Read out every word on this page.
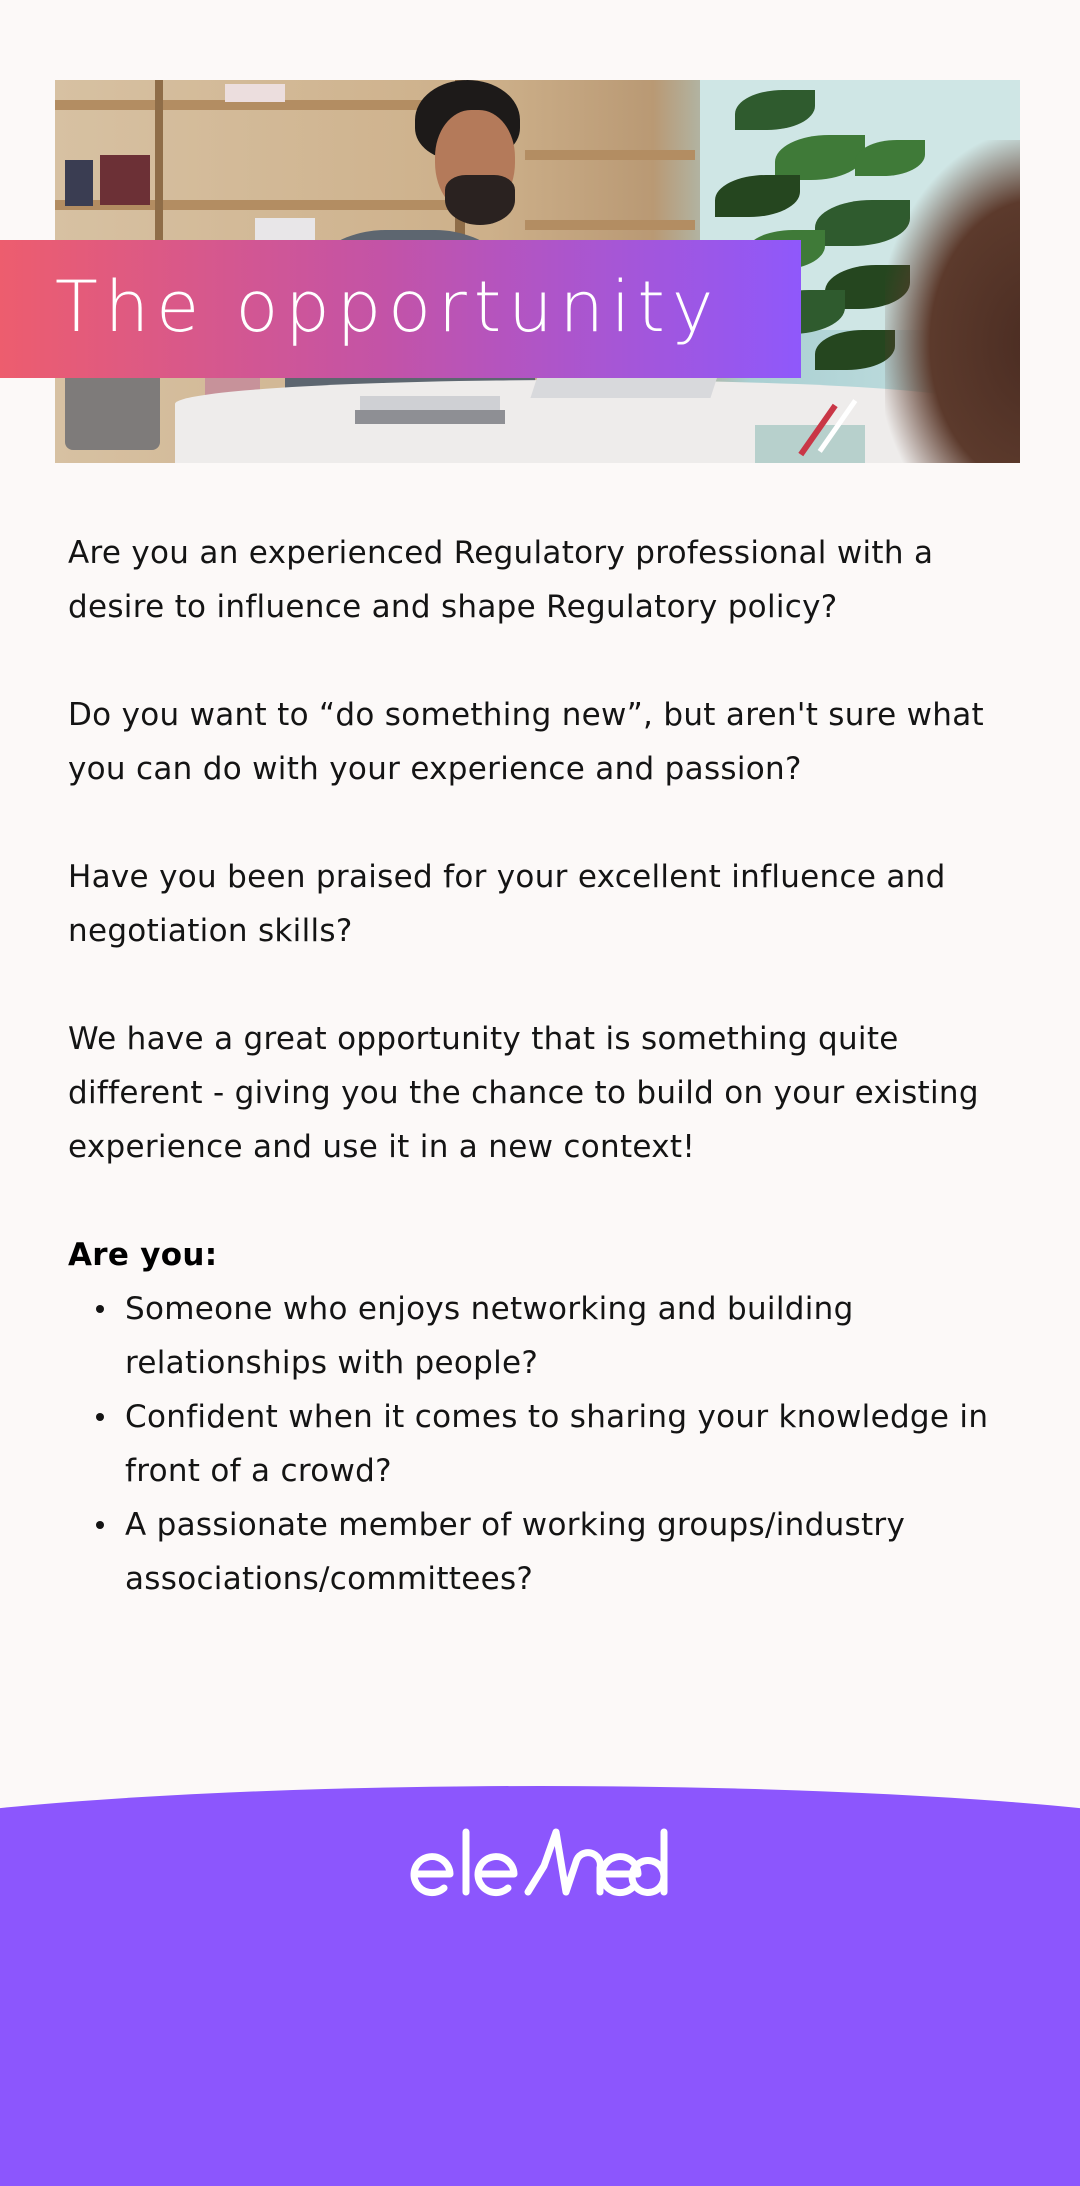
The opportunity

Are you an experienced Regulatory professional with a desire to influence and shape Regulatory policy?

Do you want to “do something new”, but aren't sure what you can do with your experience and passion?

Have you been praised for your excellent influence and negotiation skills?

We have a great opportunity that is something quite different - giving you the chance to build on your existing experience and use it in a new context!

Are you:
Someone who enjoys networking and building relationships with people?
Confident when it comes to sharing your knowledge in front of a crowd?
A passionate member of working groups/industry associations/committees?
